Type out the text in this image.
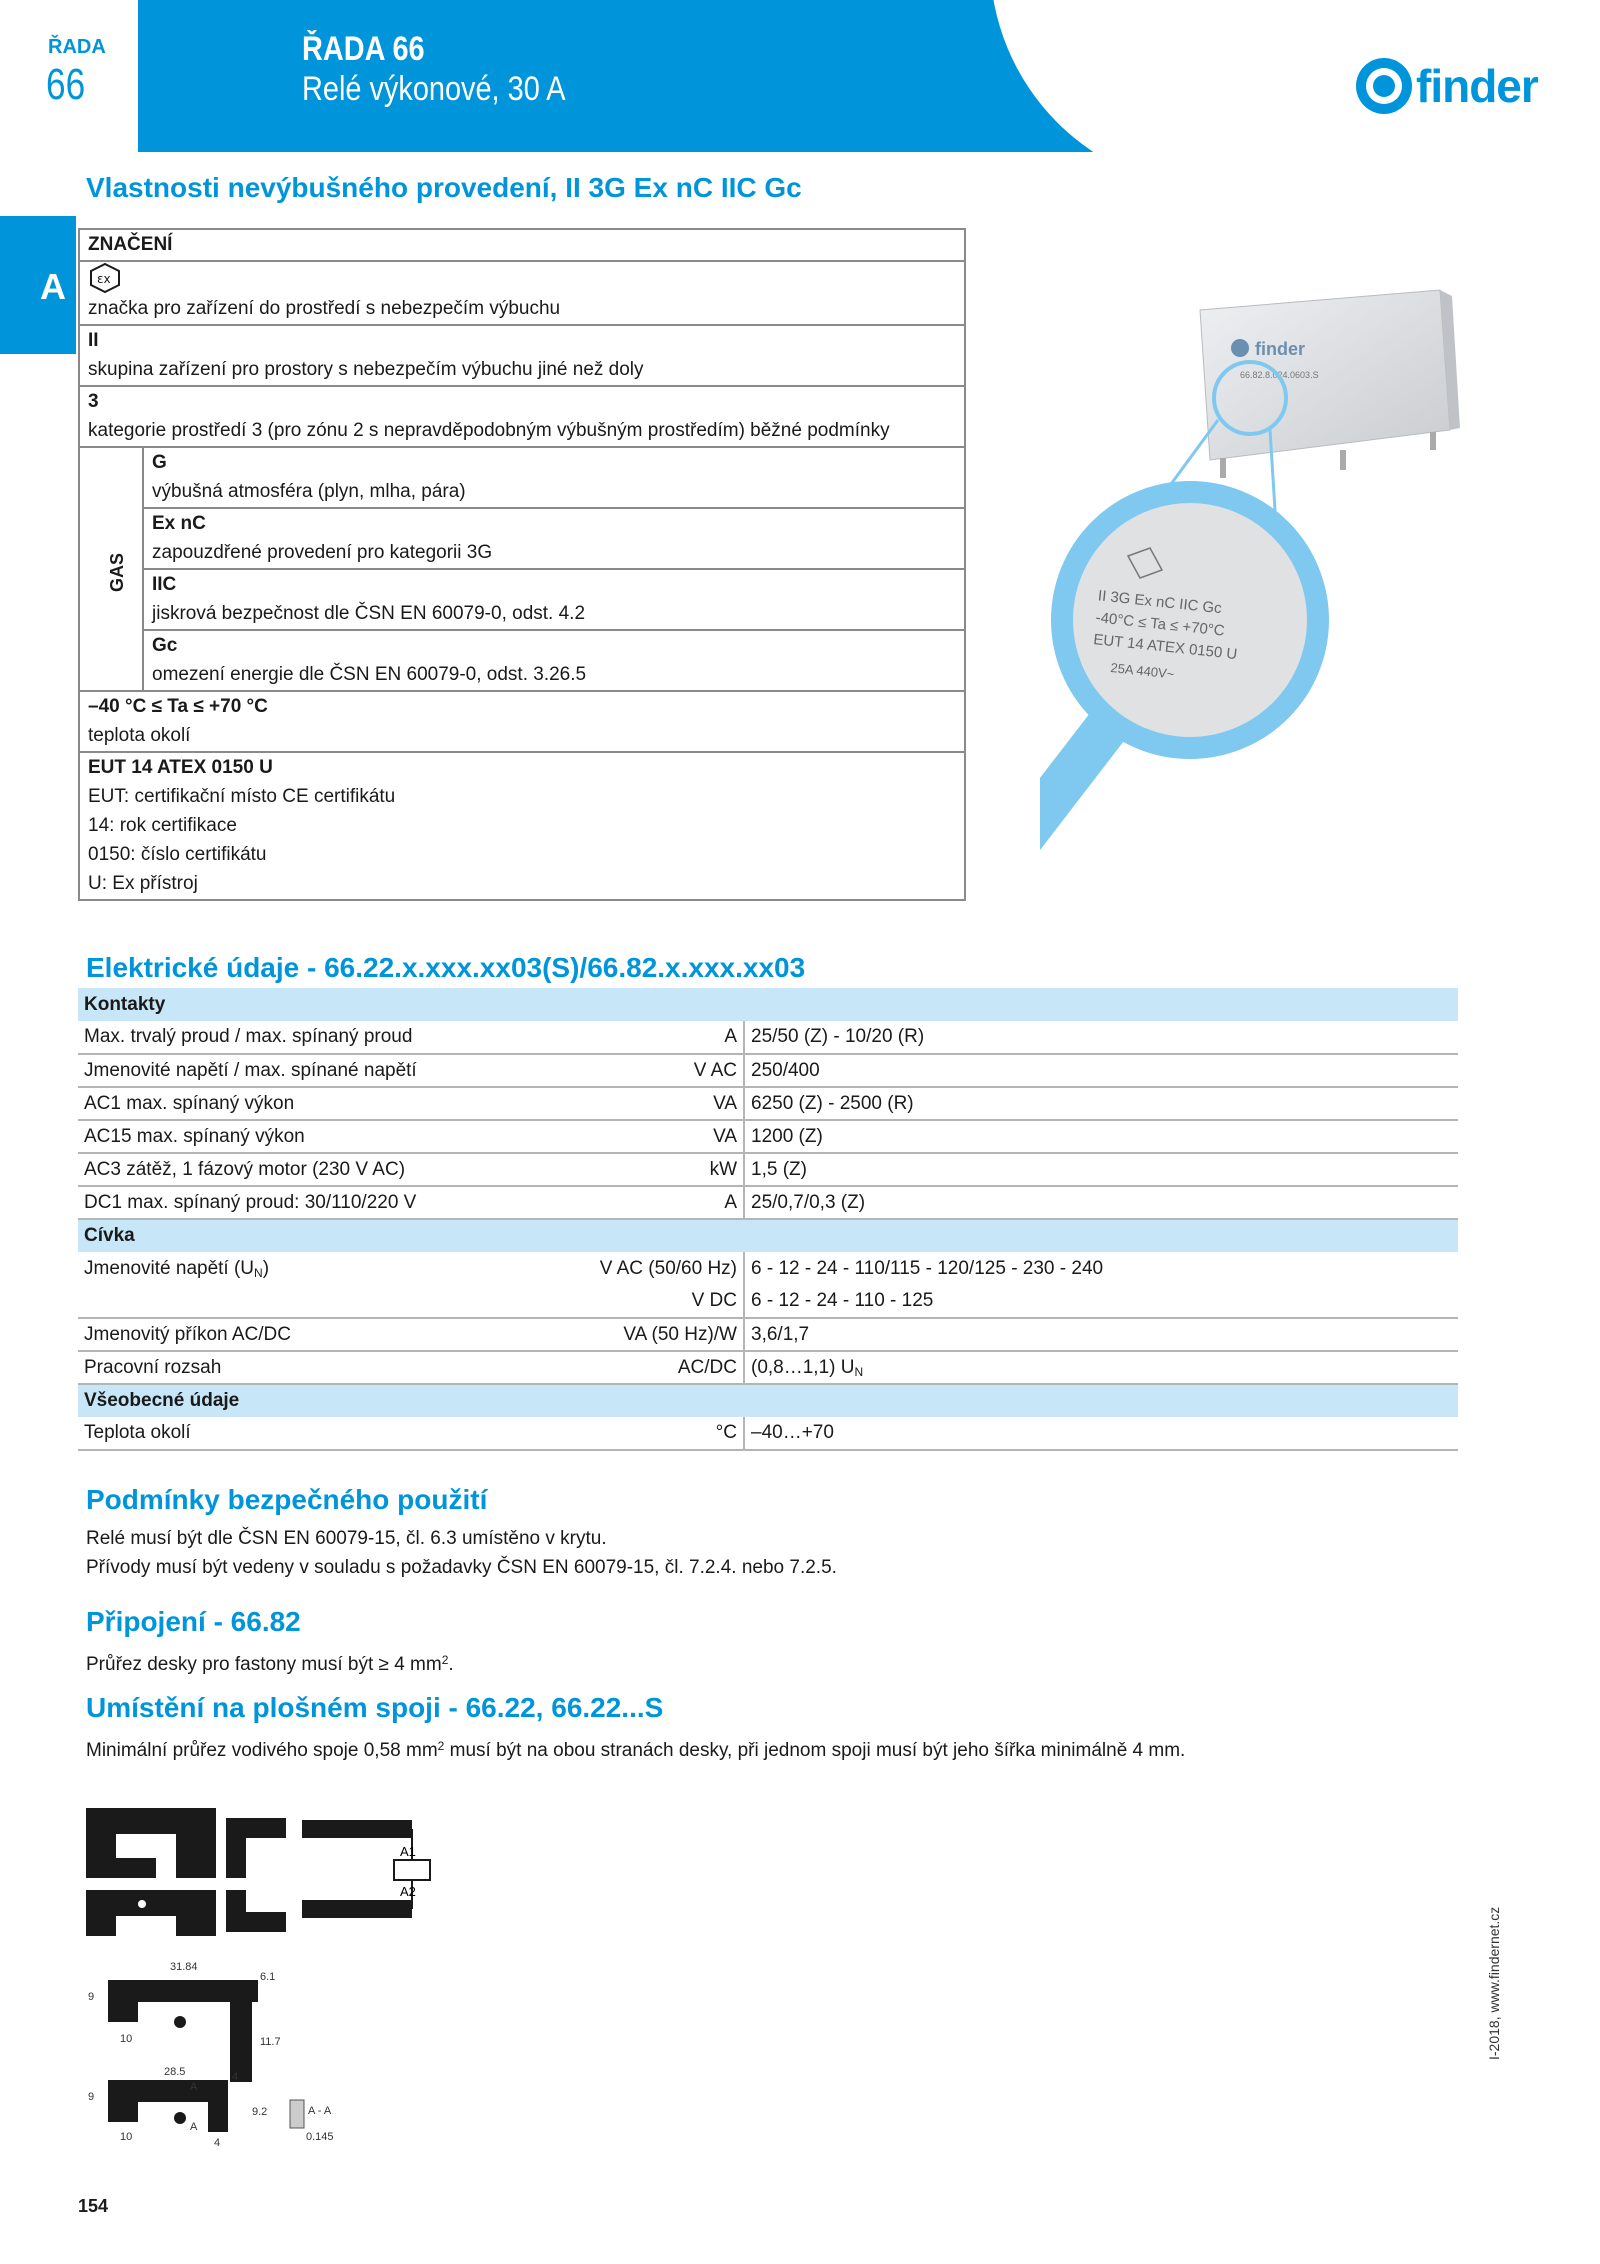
ŘADA
66
ŘADA 66
Relé výkonové, 30 A	finder
A
Vlastnosti nevýbušného provedení, II 3G Ex nC IIC Gc
ZNAČENÍ
εx
značka pro zařízení do prostředí s nebezpečím výbuchu
II
skupina zařízení pro prostory s nebezpečím výbuchu jiné než doly
3
kategorie prostředí 3 (pro zónu 2 s nepravděpodobným výbušným prostředím) běžné podmínky
GAS
G
výbušná atmosféra (plyn, mlha, pára)
Ex nC
zapouzdřené provedení pro kategorii 3G
IIC
jiskrová bezpečnost dle ČSN EN 60079-0, odst. 4.2
Gc
omezení energie dle ČSN EN 60079-0, odst. 3.26.5
–40 °C ≤ Ta ≤ +70 °C
teplota okolí
EUT 14 ATEX 0150 U
EUT: certifikační místo CE certifikátu
14: rok certifikace
0150: číslo certifikátu
U: Ex přístroj
finder
66.82.8.024.0603.S
II 3G Ex nC IIC Gc
-40°C ≤ Ta ≤ +70°C
EUT 14 ATEX 0150 U
25A 440V~
Elektrické údaje - 66.22.x.xxx.xx03(S)/66.82.x.xxx.xx03
Kontakty		
Max. trvalý proud / max. spínaný proud	A	25/50 (Z) - 10/20 (R)
Jmenovité napětí / max. spínané napětí	V AC	250/400
AC1 max. spínaný výkon	VA	6250 (Z) - 2500 (R)
AC15 max. spínaný výkon	VA	1200 (Z)
AC3 zátěž, 1 fázový motor (230 V AC)	kW	1,5 (Z)
DC1 max. spínaný proud: 30/110/220 V	A	25/0,7/0,3 (Z)
Cívka		
Jmenovité napětí $(U_N)$	V AC (50/60 Hz)	6 - 12 - 24 - 110/115 - 120/125 - 230 - 240
	V DC	6 - 12 - 24 - 110 - 125
Jmenovitý příkon AC/DC	VA (50 Hz)/W	3,6/1,7
Pracovní rozsah	AC/DC	(0,8…1,1) $U_N$
Všeobecné údaje		
Teplota okolí	°C	–40…+70
Podmínky bezpečného použití
Relé musí být dle ČSN EN 60079-15, čl. 6.3 umístěno v krytu.
Přívody musí být vedeny v souladu s požadavky ČSN EN 60079-15, čl. 7.2.4. nebo 7.2.5.
Připojení - 66.82
Průřez desky pro fastony musí být ≥ 4 $mm^2$.
Umístění na plošném spoji - 66.22, 66.22...S
Minimální průřez vodivého spoje 0,58 $mm^2$ musí být na obou stranách desky, při jednom spoji musí být jeho šířka minimálně 4 mm.
A1
A2
31.84
6.1
9
10	11.7
28.5	4
9
9.2
10	4
A - A
0.145
A
A
154
I-2018, www.findernet.cz
